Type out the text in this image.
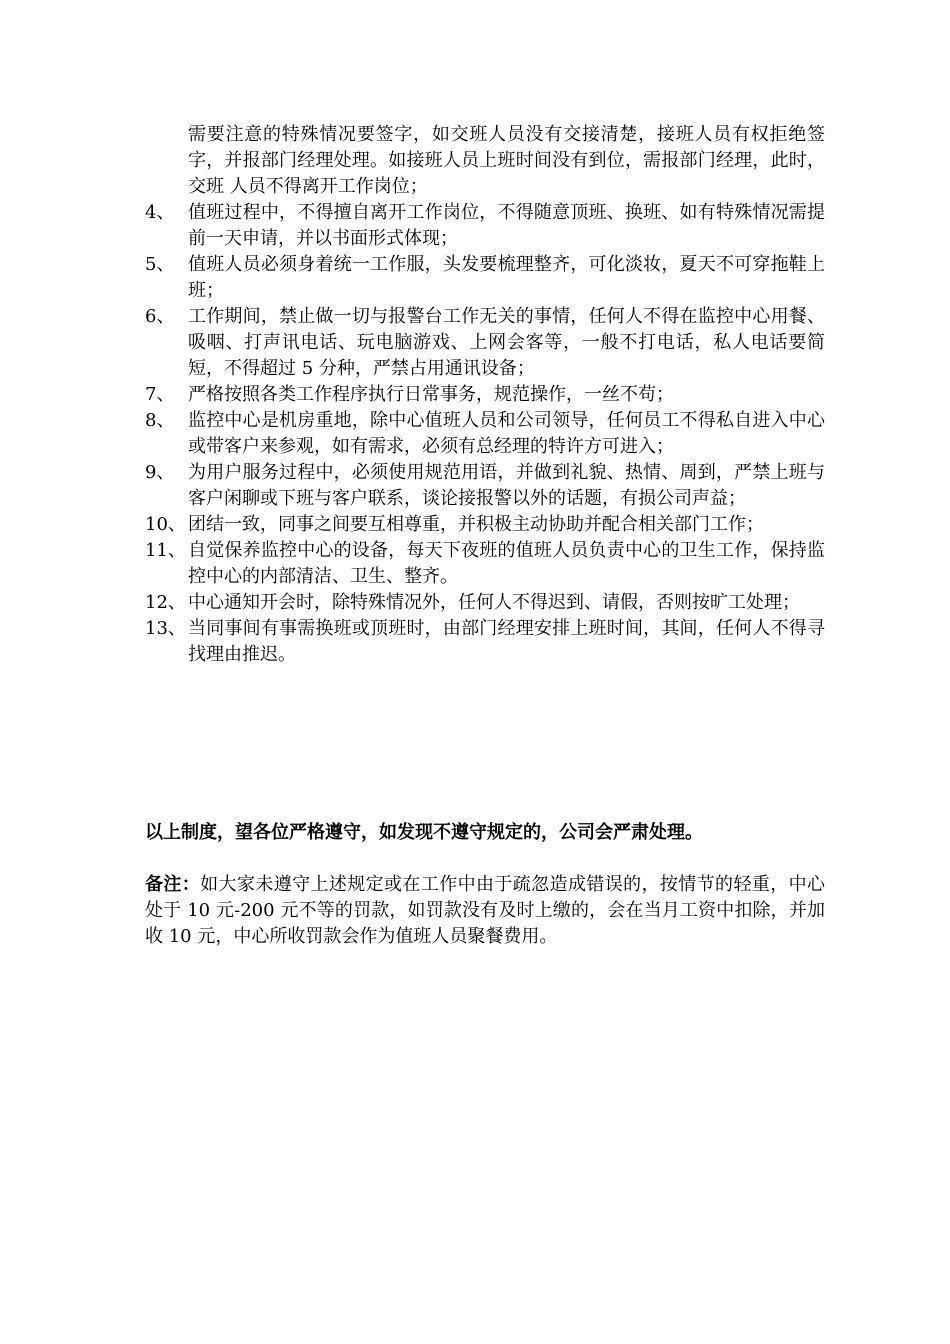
需要注意的特殊情况要签字，如交班人员没有交接清楚，接班人员有权拒绝签字，并报部门经理处理。如接班人员上班时间没有到位，需报部门经理，此时，交班 人员不得离开工作岗位；
4、 值班过程中，不得擅自离开工作岗位，不得随意顶班、换班、如有特殊情况需提前一天申请，并以书面形式体现；
5、 值班人员必须身着统一工作服，头发要梳理整齐，可化淡妆，夏天不可穿拖鞋上班；
6、 工作期间，禁止做一切与报警台工作无关的事情，任何人不得在监控中心用餐、吸咽、打声讯电话、玩电脑游戏、上网会客等，一般不打电话，私人电话要简短，不得超过 5 分种，严禁占用通讯设备；
7、 严格按照各类工作程序执行日常事务，规范操作，一丝不苟；
8、 监控中心是机房重地，除中心值班人员和公司领导，任何员工不得私自进入中心或带客户来参观，如有需求，必须有总经理的特许方可进入；
9、 为用户服务过程中，必须使用规范用语，并做到礼貌、热情、周到，严禁上班与客户闲聊或下班与客户联系，谈论接报警以外的话题，有损公司声益；
10、 团结一致，同事之间要互相尊重，并积极主动协助并配合相关部门工作；
11、 自觉保养监控中心的设备，每天下夜班的值班人员负责中心的卫生工作，保持监控中心的内部清洁、卫生、整齐。
12、 中心通知开会时，除特殊情况外，任何人不得迟到、请假，否则按旷工处理；
13、 当同事间有事需换班或顶班时，由部门经理安排上班时间，其间，任何人不得寻找理由推迟。
以上制度，望各位严格遵守，如发现不遵守规定的，公司会严肃处理。
备注：如大家未遵守上述规定或在工作中由于疏忽造成错误的，按情节的轻重，中心处于 10 元-200 元不等的罚款，如罚款没有及时上缴的，会在当月工资中扣除，并加收 10 元，中心所收罚款会作为值班人员聚餐费用。
